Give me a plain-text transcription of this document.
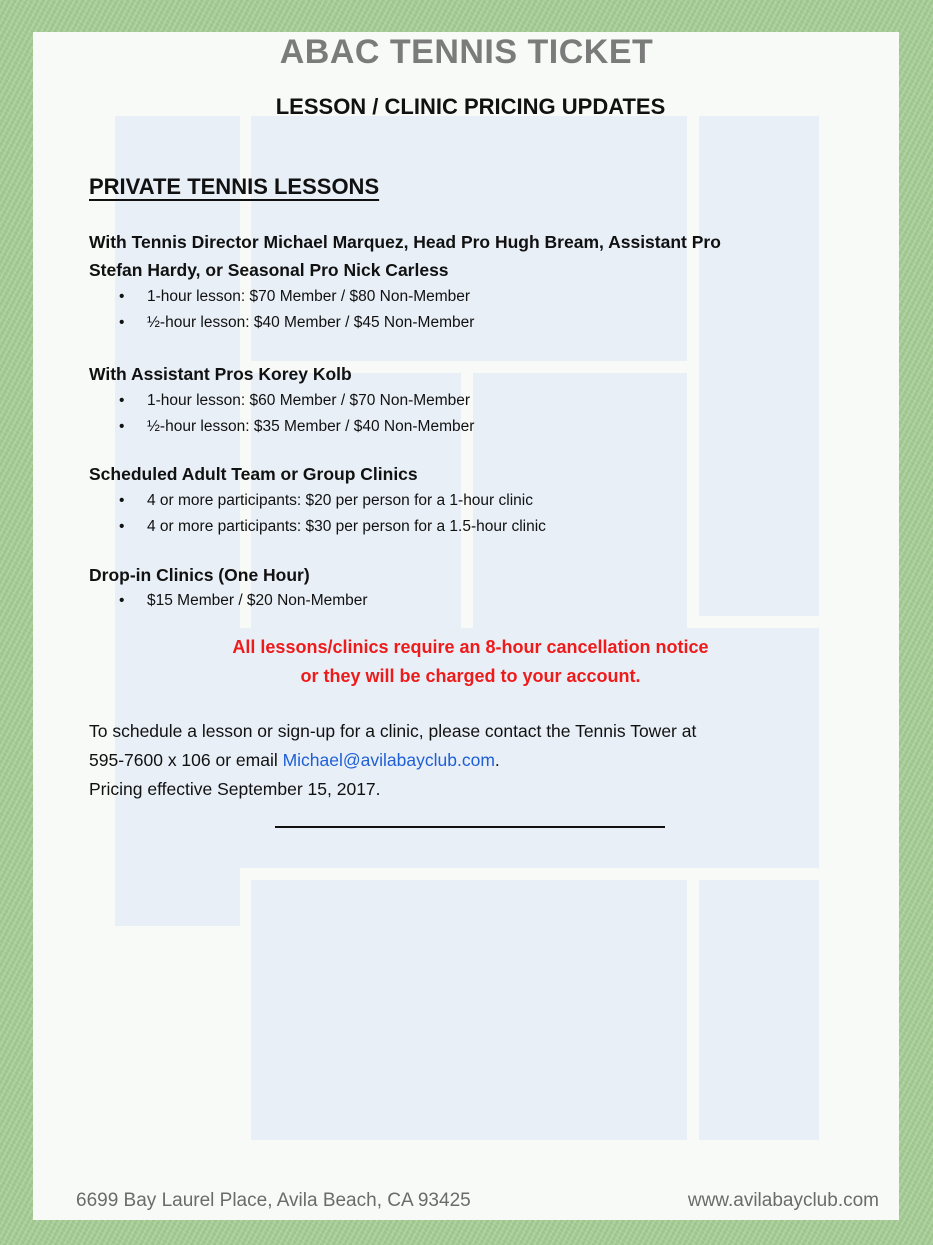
ABAC TENNIS TICKET
LESSON / CLINIC PRICING UPDATES
PRIVATE TENNIS LESSONS
With Tennis Director Michael Marquez, Head Pro Hugh Bream, Assistant Pro
Stefan Hardy, or Seasonal Pro Nick Carless
• 1-hour lesson: $70 Member / $80 Non-Member
• ½-hour lesson: $40 Member / $45 Non-Member
With Assistant Pros Korey Kolb
• 1-hour lesson: $60 Member / $70 Non-Member
• ½-hour lesson: $35 Member / $40 Non-Member
Scheduled Adult Team or Group Clinics
• 4 or more participants: $20 per person for a 1-hour clinic
• 4 or more participants: $30 per person for a 1.5-hour clinic
Drop-in Clinics (One Hour)
• $15 Member / $20 Non-Member
All lessons/clinics require an 8-hour cancellation notice
or they will be charged to your account.
To schedule a lesson or sign-up for a clinic, please contact the Tennis Tower at
595-7600 x 106 or email Michael@avilabayclub.com.
Pricing effective September 15, 2017.
6699 Bay Laurel Place, Avila Beach, CA 93425	www.avilabayclub.com
